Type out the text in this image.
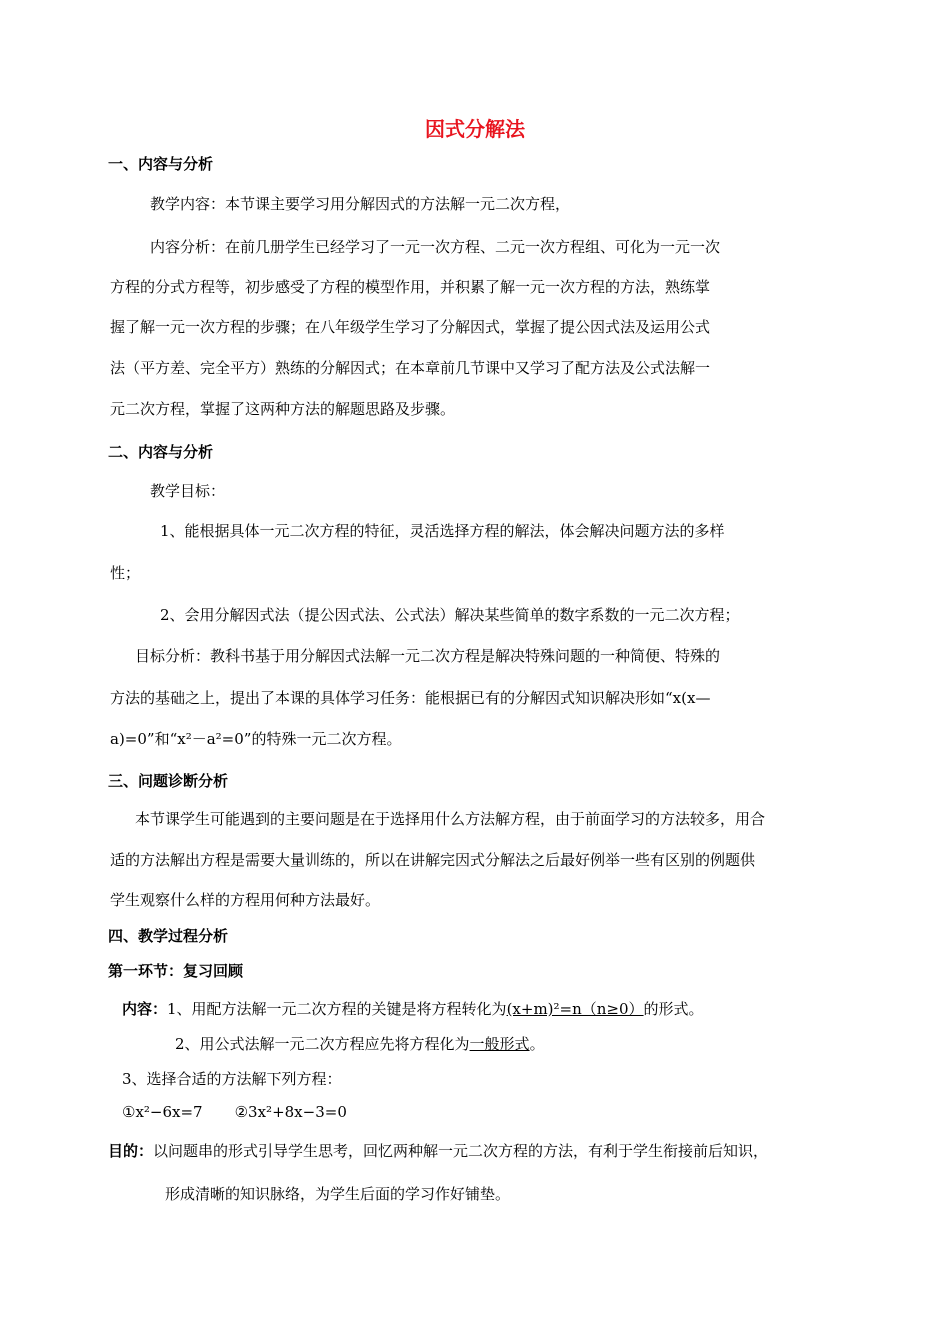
因式分解法
一、内容与分析
教学内容：本节课主要学习用分解因式的方法解一元二次方程，
内容分析：在前几册学生已经学习了一元一次方程、二元一次方程组、可化为一元一次
方程的分式方程等，初步感受了方程的模型作用，并积累了解一元一次方程的方法，熟练掌
握了解一元一次方程的步骤；在八年级学生学习了分解因式，掌握了提公因式法及运用公式
法（平方差、完全平方）熟练的分解因式；在本章前几节课中又学习了配方法及公式法解一
元二次方程，掌握了这两种方法的解题思路及步骤。
二、内容与分析
教学目标：
1、能根据具体一元二次方程的特征，灵活选择方程的解法，体会解决问题方法的多样
性；
2、会用分解因式法（提公因式法、公式法）解决某些简单的数字系数的一元二次方程；
目标分析：教科书基于用分解因式法解一元二次方程是解决特殊问题的一种简便、特殊的
方法的基础之上，提出了本课的具体学习任务：能根据已有的分解因式知识解决形如“x(x—
a)=0”和“x²－a²=0”的特殊一元二次方程。
三、问题诊断分析
本节课学生可能遇到的主要问题是在于选择用什么方法解方程，由于前面学习的方法较多，用合
适的方法解出方程是需要大量训练的，所以在讲解完因式分解法之后最好例举一些有区别的例题供
学生观察什么样的方程用何种方法最好。
四、教学过程分析
第一环节：复习回顾
内容：1、用配方法解一元二次方程的关键是将方程转化为(x+m)²=n（n≥0）的形式。
2、用公式法解一元二次方程应先将方程化为一般形式。
3、选择合适的方法解下列方程：
①x²−6x=7 ②3x²+8x−3=0
目的：以问题串的形式引导学生思考，回忆两种解一元二次方程的方法，有利于学生衔接前后知识，
形成清晰的知识脉络，为学生后面的学习作好铺垫。
